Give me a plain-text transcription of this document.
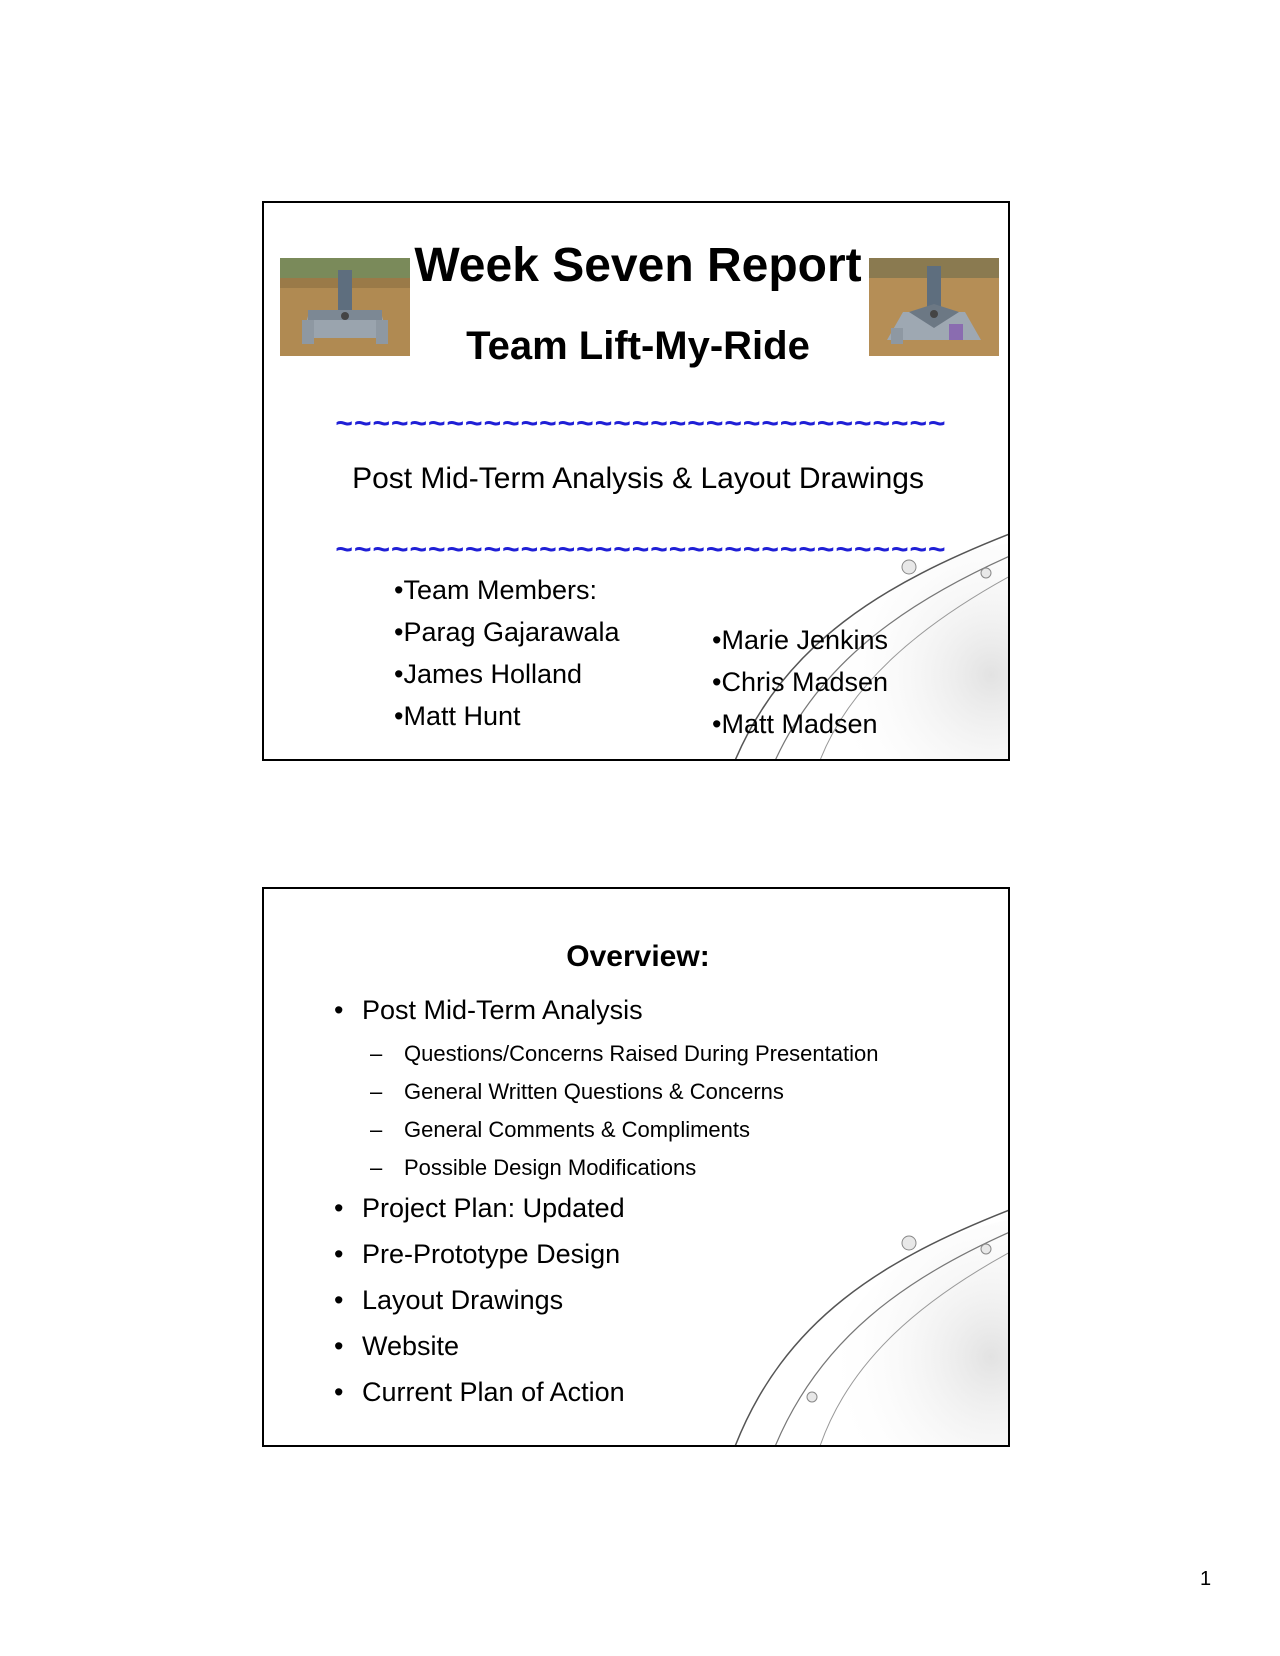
Week Seven Report
Team Lift-My-Ride
~~~~~~~~~~~~~~~~~~~~~~~~~~~~~~~~~
Post Mid-Term Analysis & Layout Drawings
~~~~~~~~~~~~~~~~~~~~~~~~~~~~~~~~~
•Team Members:
•Parag Gajarawala
•James Holland
•Matt Hunt
•Marie Jenkins
•Chris Madsen
•Matt Madsen
Overview:
• Post Mid-Term Analysis
– Questions/Concerns Raised During Presentation
– General Written Questions & Concerns
– General Comments & Compliments
– Possible Design Modifications
• Project Plan: Updated
• Pre-Prototype Design
• Layout Drawings
• Website
• Current Plan of Action
1
